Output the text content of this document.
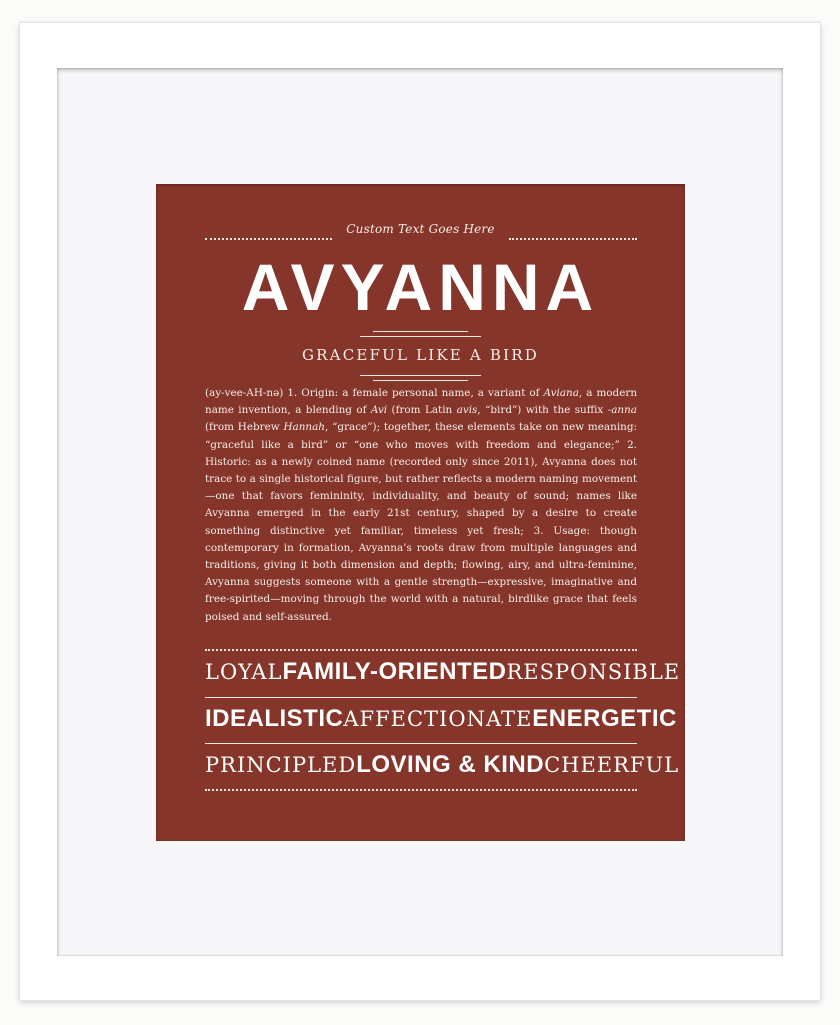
Custom Text Goes Here
AVYANNA
GRACEFUL LIKE A BIRD
(ay-vee-AH-nə) 1. Origin: a female personal name, a variant of Aviana, a modern name invention, a blending of Avi (from Latin avis, “bird”) with the suffix -anna (from Hebrew Hannah, “grace”); together, these elements take on new meaning: “graceful like a bird” or “one who moves with freedom and elegance;” 2. Historic: as a newly coined name (recorded only since 2011), Avyanna does not trace to a single historical figure, but rather reflects a modern naming movement—one that favors femininity, individuality, and beauty of sound; names like Avyanna emerged in the early 21st century, shaped by a desire to create something distinctive yet familiar, timeless yet fresh; 3. Usage: though contemporary in formation, Avyanna’s roots draw from multiple languages and traditions, giving it both dimension and depth; flowing, airy, and ultra-feminine, Avyanna suggests someone with a gentle strength—expressive, imaginative and free-spirited—moving through the world with a natural, birdlike grace that feels poised and self-assured.
LOYAL FAMILY-ORIENTED RESPONSIBLE
IDEALISTIC AFFECTIONATE ENERGETIC
PRINCIPLED LOVING & KIND CHEERFUL
